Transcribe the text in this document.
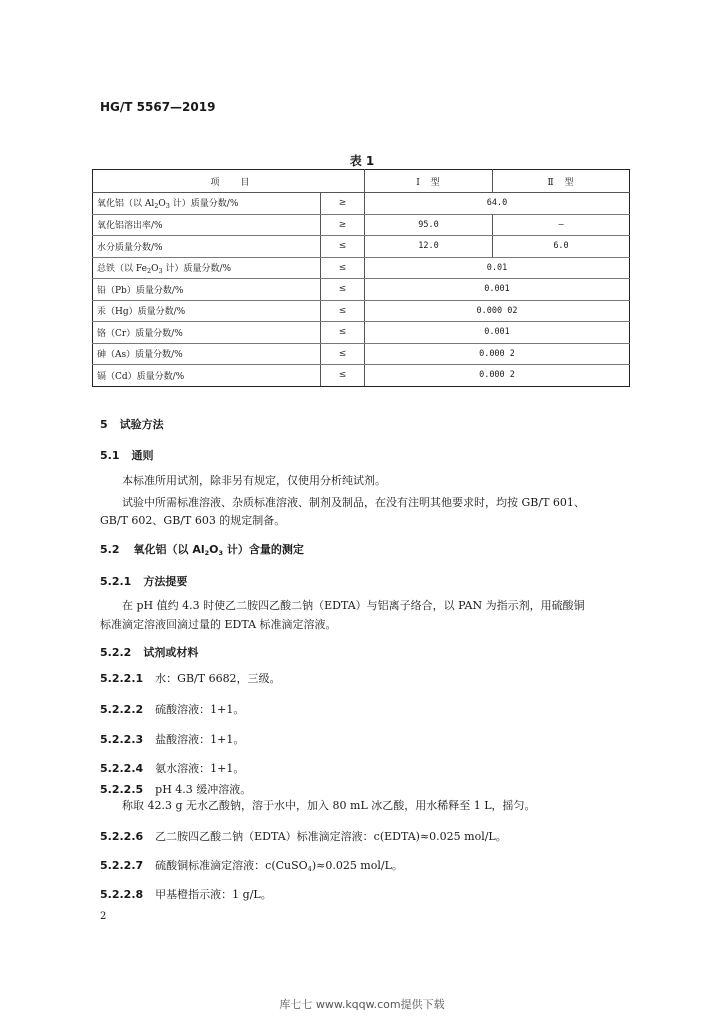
HG/T 5567—2019
表 1
项　　目		Ⅰ　型	Ⅱ　型
氧化铝（以 $Al_2O_3$ 计）质量分数/%	≥	64.0	
氧化铝溶出率/%	≥	95.0	—
水分质量分数/%	≤	12.0	6.0
总铁（以 $Fe_2O_3$ 计）质量分数/%	≤	0.01	
铅（Pb）质量分数/%	≤	0.001	
汞（Hg）质量分数/%	≤	0.000 02	
铬（Cr）质量分数/%	≤	0.001	
砷（As）质量分数/%	≤	0.000 2	
镉（Cd）质量分数/%	≤	0.000 2	
5 试验方法
5.1 通则
本标准所用试剂，除非另有规定，仅使用分析纯试剂。
试验中所需标准溶液、杂质标准溶液、制剂及制品，在没有注明其他要求时，均按 GB/T 601、
GB/T 602、GB/T 603 的规定制备。
5.2 氧化铝（以 $Al_2O_3$ 计）含量的测定
5.2.1 方法提要
在 pH 值约 4.3 时使乙二胺四乙酸二钠（EDTA）与铝离子络合，以 PAN 为指示剂，用硫酸铜
标准滴定溶液回滴过量的 EDTA 标准滴定溶液。
5.2.2 试剂或材料
5.2.2.1 水：GB/T 6682，三级。
5.2.2.2 硫酸溶液：1+1。
5.2.2.3 盐酸溶液：1+1。
5.2.2.4 氨水溶液：1+1。
5.2.2.5 pH 4.3 缓冲溶液。
称取 42.3 g 无水乙酸钠，溶于水中，加入 80 mL 冰乙酸，用水稀释至 1 L，摇匀。
5.2.2.6 乙二胺四乙酸二钠（EDTA）标准滴定溶液：c(EDTA)≈0.025 mol/L。
5.2.2.7 硫酸铜标准滴定溶液：c(CuSO$_4$)≈0.025 mol/L。
5.2.2.8 甲基橙指示液：1 g/L。
2
库七七 www.kqqw.com提供下载
